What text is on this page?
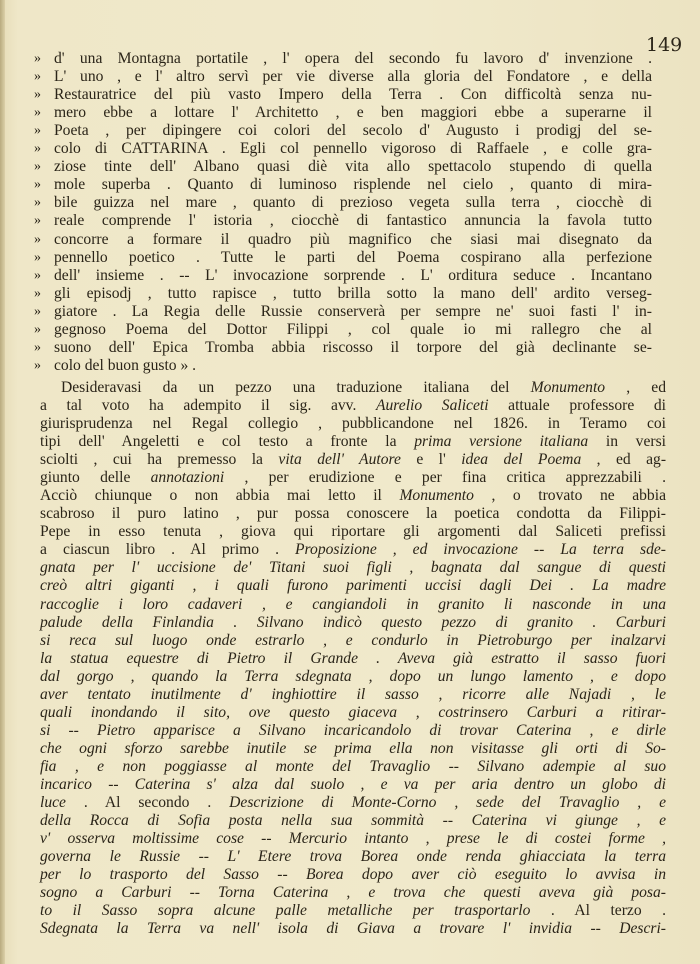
149
» d' una Montagna portatile , l' opera del secondo fu lavoro d' invenzione .
» L' uno , e l' altro servì per vie diverse alla gloria del Fondatore , e della
» Restauratrice del più vasto Impero della Terra . Con difficoltà senza nu-
» mero ebbe a lottare l' Architetto , e ben maggiori ebbe a superarne il
» Poeta , per dipingere coi colori del secolo d' Augusto i prodigj del se-
» colo di CATTARINA . Egli col pennello vigoroso di Raffaele , e colle gra-
» ziose tinte dell' Albano quasi diè vita allo spettacolo stupendo di quella
» mole superba . Quanto di luminoso risplende nel cielo , quanto di mira-
» bile guizza nel mare , quanto di prezioso vegeta sulla terra , ciocchè di
» reale comprende l' istoria , ciocchè di fantastico annuncia la favola tutto
» concorre a formare il quadro più magnifico che siasi mai disegnato da
» pennello poetico . Tutte le parti del Poema cospirano alla perfezione
» dell' insieme . -- L' invocazione sorprende . L' orditura seduce . Incantano
» gli episodj , tutto rapisce , tutto brilla sotto la mano dell' ardito verseg-
» giatore . La Regia delle Russie conserverà per sempre ne' suoi fasti l' in-
» gegnoso Poema del Dottor Filippi , col quale io mi rallegro che al
» suono dell' Epica Tromba abbia riscosso il torpore del già declinante se-
» colo del buon gusto » .
Desideravasi da un pezzo una traduzione italiana del Monumento , ed
a tal voto ha adempito il sig. avv. Aurelio Saliceti attuale professore di
giurisprudenza nel Regal collegio , pubblicandone nel 1826. in Teramo coi
tipi dell' Angeletti e col testo a fronte la prima versione italiana in versi
sciolti , cui ha premesso la vita dell' Autore e l' idea del Poema , ed ag-
giunto delle annotazioni , per erudizione e per fina critica apprezzabili .
Acciò chiunque o non abbia mai letto il Monumento , o trovato ne abbia
scabroso il puro latino , pur possa conoscere la poetica condotta da Filippi-
Pepe in esso tenuta , giova qui riportare gli argomenti dal Saliceti prefissi
a ciascun libro . Al primo . Proposizione , ed invocazione -- La terra sde-
gnata per l' uccisione de' Titani suoi figli , bagnata dal sangue di questi
creò altri giganti , i quali furono parimenti uccisi dagli Dei . La madre
raccoglie i loro cadaveri , e cangiandoli in granito li nasconde in una
palude della Finlandia . Silvano indicò questo pezzo di granito . Carburi
si reca sul luogo onde estrarlo , e condurlo in Pietroburgo per inalzarvi
la statua equestre di Pietro il Grande . Aveva già estratto il sasso fuori
dal gorgo , quando la Terra sdegnata , dopo un lungo lamento , e dopo
aver tentato inutilmente d' inghiottire il sasso , ricorre alle Najadi , le
quali inondando il sito, ove questo giaceva , costrinsero Carburi a ritirar-
si -- Pietro apparisce a Silvano incaricandolo di trovar Caterina , e dirle
che ogni sforzo sarebbe inutile se prima ella non visitasse gli orti di So-
fia , e non poggiasse al monte del Travaglio -- Silvano adempie al suo
incarico -- Caterina s' alza dal suolo , e va per aria dentro un globo di
luce . Al secondo . Descrizione di Monte-Corno , sede del Travaglio , e
della Rocca di Sofia posta nella sua sommità -- Caterina vi giunge , e
v' osserva moltissime cose -- Mercurio intanto , prese le di costei forme ,
governa le Russie -- L' Etere trova Borea onde renda ghiacciata la terra
per lo trasporto del Sasso -- Borea dopo aver ciò eseguito lo avvisa in
sogno a Carburi -- Torna Caterina , e trova che questi aveva già posa-
to il Sasso sopra alcune palle metalliche per trasportarlo . Al terzo .
Sdegnata la Terra va nell' isola di Giava a trovare l' invidia -- Descri-
